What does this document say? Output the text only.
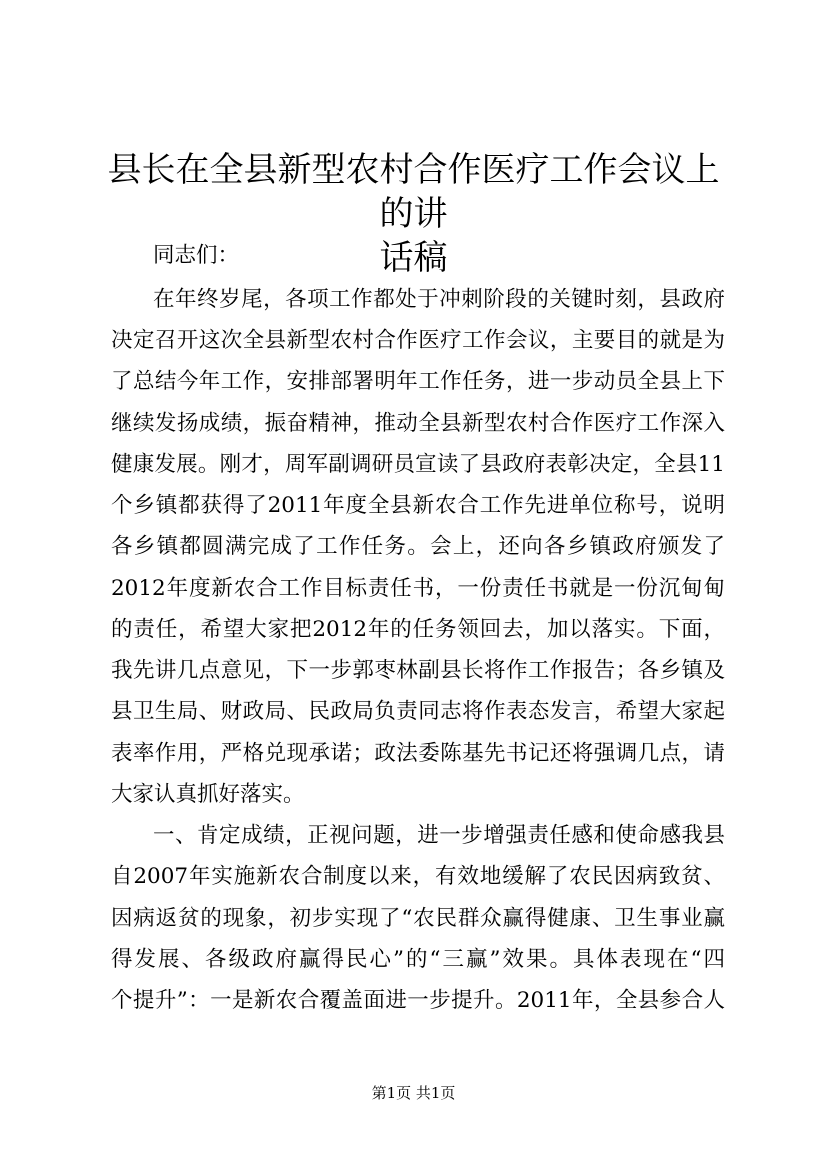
县长在全县新型农村合作医疗工作会议上的讲
话稿

同志们：

在年终岁尾，各项工作都处于冲刺阶段的关键时刻，县政府

决定召开这次全县新型农村合作医疗工作会议，主要目的就是为

了总结今年工作，安排部署明年工作任务，进一步动员全县上下

继续发扬成绩，振奋精神，推动全县新型农村合作医疗工作深入

健康发展。刚才，周军副调研员宣读了县政府表彰决定，全县11

个乡镇都获得了2011年度全县新农合工作先进单位称号，说明

各乡镇都圆满完成了工作任务。会上，还向各乡镇政府颁发了

2012年度新农合工作目标责任书，一份责任书就是一份沉甸甸

的责任，希望大家把2012年的任务领回去，加以落实。下面，

我先讲几点意见，下一步郭枣林副县长将作工作报告；各乡镇及

县卫生局、财政局、民政局负责同志将作表态发言，希望大家起

表率作用，严格兑现承诺；政法委陈基先书记还将强调几点，请

大家认真抓好落实。

一、肯定成绩，正视问题，进一步增强责任感和使命感我县

自2007年实施新农合制度以来，有效地缓解了农民因病致贫、

因病返贫的现象，初步实现了“农民群众赢得健康、卫生事业赢

得发展、各级政府赢得民心”的“三赢”效果。具体表现在“四

个提升”：一是新农合覆盖面进一步提升。2011年，全县参合人

第1页 共1页
